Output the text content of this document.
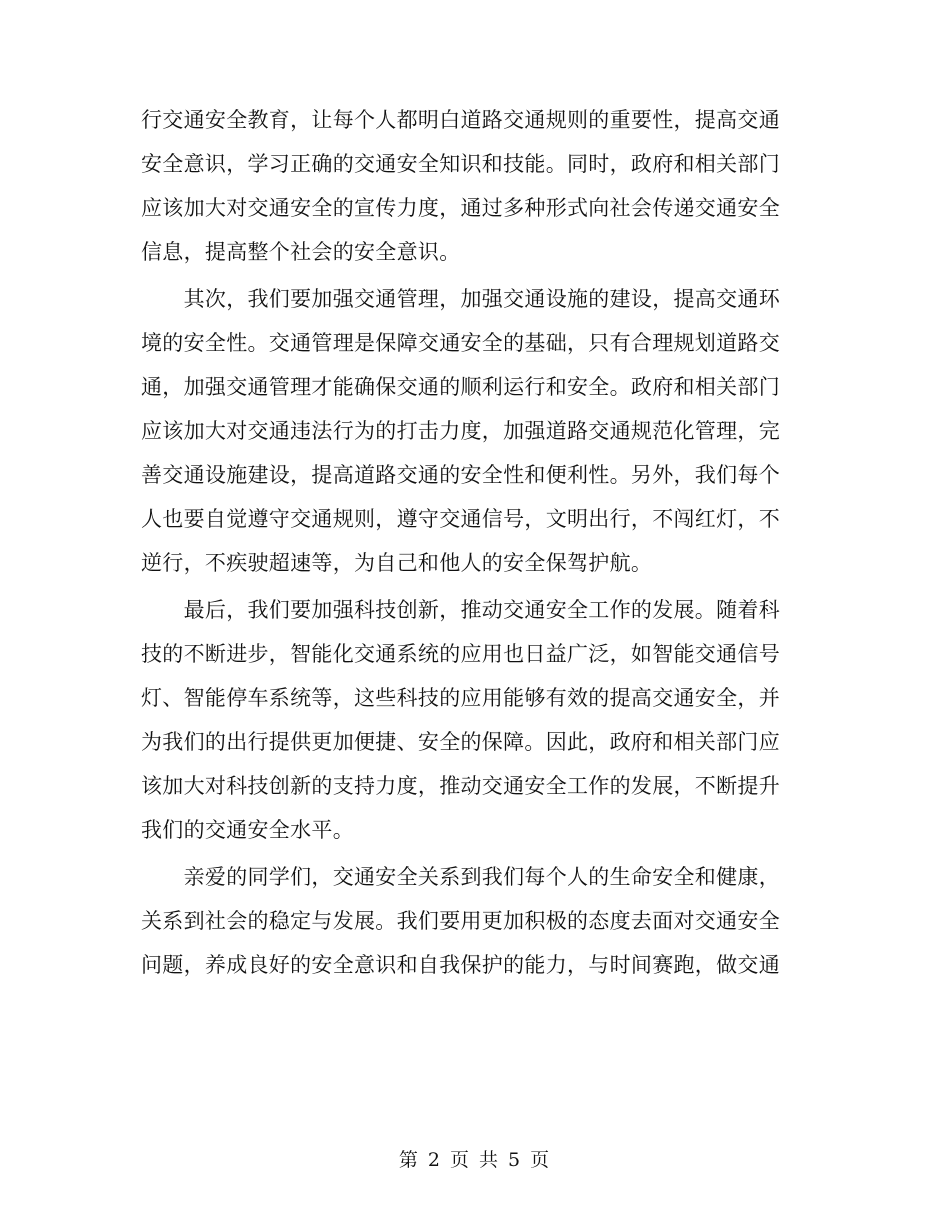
行交通安全教育，让每个人都明白道路交通规则的重要性，提高交通
安全意识，学习正确的交通安全知识和技能。同时，政府和相关部门
应该加大对交通安全的宣传力度，通过多种形式向社会传递交通安全
信息，提高整个社会的安全意识。
　　其次，我们要加强交通管理，加强交通设施的建设，提高交通环
境的安全性。交通管理是保障交通安全的基础，只有合理规划道路交
通，加强交通管理才能确保交通的顺利运行和安全。政府和相关部门
应该加大对交通违法行为的打击力度，加强道路交通规范化管理，完
善交通设施建设，提高道路交通的安全性和便利性。另外，我们每个
人也要自觉遵守交通规则，遵守交通信号，文明出行，不闯红灯，不
逆行，不疾驶超速等，为自己和他人的安全保驾护航。
　　最后，我们要加强科技创新，推动交通安全工作的发展。随着科
技的不断进步，智能化交通系统的应用也日益广泛，如智能交通信号
灯、智能停车系统等，这些科技的应用能够有效的提高交通安全，并
为我们的出行提供更加便捷、安全的保障。因此，政府和相关部门应
该加大对科技创新的支持力度，推动交通安全工作的发展，不断提升
我们的交通安全水平。
　　亲爱的同学们，交通安全关系到我们每个人的生命安全和健康，
关系到社会的稳定与发展。我们要用更加积极的态度去面对交通安全
问题，养成良好的安全意识和自我保护的能力，与时间赛跑，做交通
第 2 页 共 5 页
